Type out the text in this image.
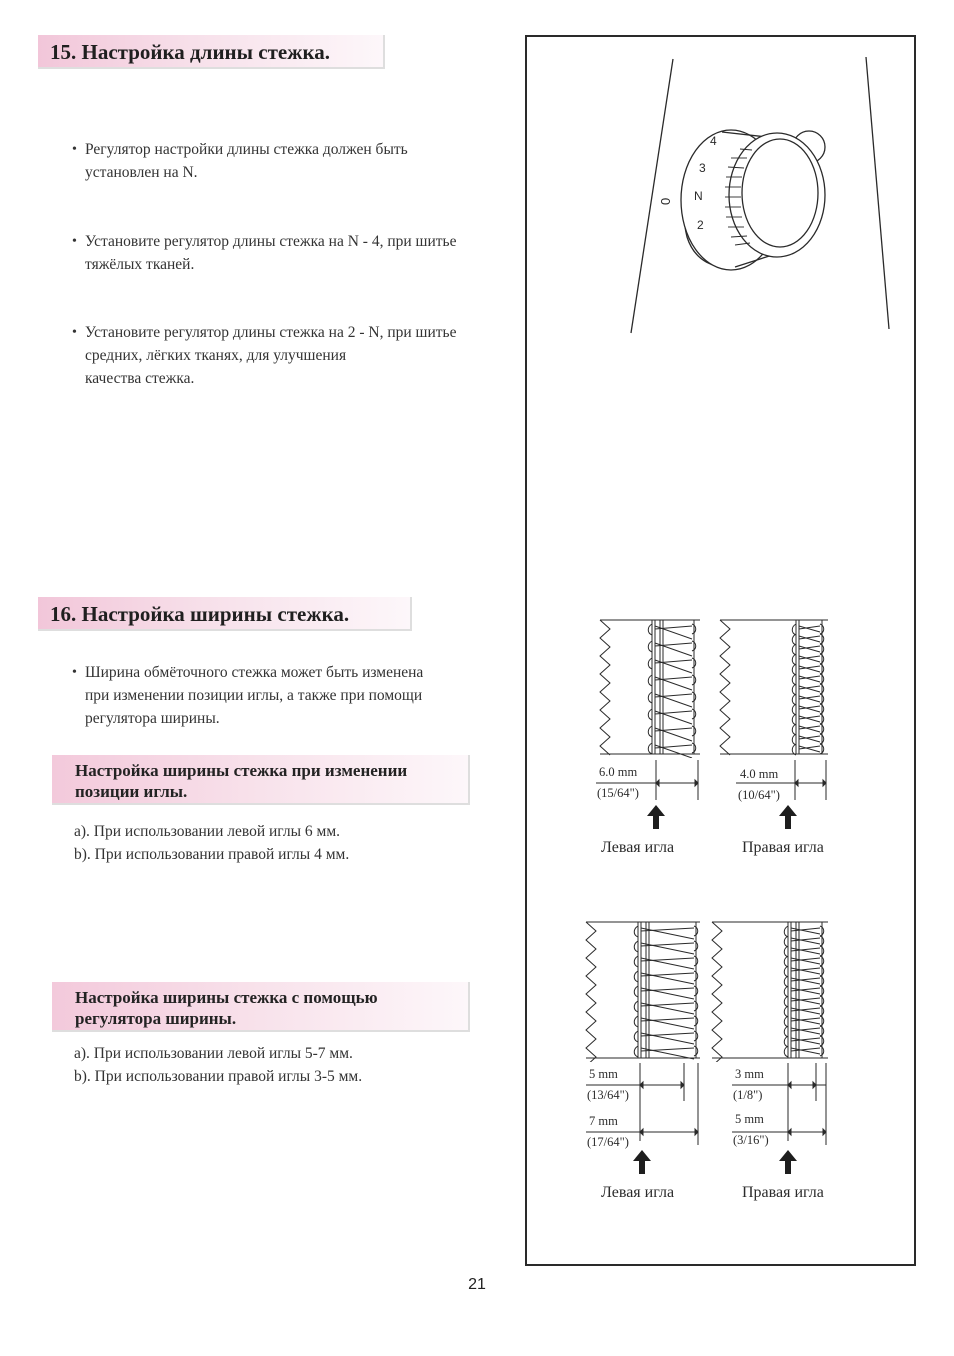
15. Настройка длины стежка.
• Регулятор настройки длины стежка должен быть
установлен на N.
• Установите регулятор длины стежка на N - 4, при шитье
тяжёлых тканей.
• Установите регулятор длины стежка на 2 - N, при шитье
средних, лёгких тканях, для улучшения
качества стежка.
16. Настройка ширины стежка.
• Ширина обмёточного стежка может быть изменена
при изменении позиции иглы, а также при помощи
регулятора ширины.
Настройка ширины стежка при изменении
позиции иглы.
a). При использовании левой иглы 6 мм.
b). При использовании правой иглы 4 мм.
Настройка ширины стежка с помощью
регулятора ширины.
a). При использовании левой иглы 5-7 мм.
b). При использовании правой иглы 3-5 мм.
4
3
N
2
0
6.0 mm
(15/64")
4.0 mm
(10/64")
5 mm
(13/64")
7 mm
(17/64")
3 mm
(1/8")
5 mm
(3/16")
Левая игла	Правая игла
Левая игла	Правая игла
21
